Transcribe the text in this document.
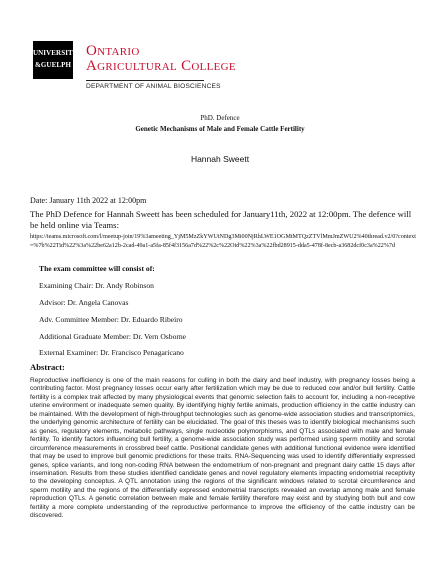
UNIVERSITY
&GUELPH
Ontario
Agricultural College
DEPARTMENT OF ANIMAL BIOSCIENCES
PhD. Defence
Genetic Mechanisms of Male and Female Cattle Fertility
Hannah Sweett
Date: January 11th 2022 at 12:00pm
The PhD Defence for Hannah Sweett has been scheduled for January11th, 2022 at 12:00pm. The defence will be held online via Teams:
https://teams.microsoft.com/l/meetup-join/19%3ameeting_YjM5MzZkYWUtNDg3Mi00NjRhLWE1OGMtMTQzZTVlMmJmZWU2%40thread.v2/0?context=%7b%22Tid%22%3a%22be62a12b-2cad-49a1-a5fa-85f4f3156a7d%22%2c%22Oid%22%3a%22fbd28915-dda5-478f-8ecb-a3682dcf0c3a%22%7d
The exam committee will consist of:
Examining Chair: Dr. Andy Robinson
Advisor: Dr. Angela Canovas
Adv. Committee Member: Dr. Eduardo Ribeiro
Additional Graduate Member: Dr. Vern Osborne
External Examiner: Dr. Francisco Penagaricano
Abstract:
Reproductive inefficiency is one of the main reasons for culling in both the dairy and beef industry, with pregnancy losses being a contributing factor. Most pregnancy losses occur early after fertilization which may be due to reduced cow and/or bull fertility. Cattle fertility is a complex trait affected by many physiological events that genomic selection fails to account for, including a non-receptive uterine environment or inadequate semen quality. By identifying highly fertile animals, production efficiency in the cattle industry can be maintained. With the development of high-throughput technologies such as genome-wide association studies and transcriptomics, the underlying genomic architecture of fertility can be elucidated. The goal of this theses was to identify biological mechanisms such as genes, regulatory elements, metabolic pathways, single nucleotide polymorphisms, and QTLs associated with male and female fertility. To identify factors influencing bull fertility, a genome-wide association study was performed using sperm motility and scrotal circumference measurements in crossbred beef cattle. Positional candidate genes with additional functional evidence were identified that may be used to improve bull genomic predictions for these traits. RNA-Sequencing was used to identify differentially expressed genes, splice variants, and long non-coding RNA between the endometrium of non-pregnant and pregnant dairy cattle 15 days after insemination. Results from these studies identified candidate genes and novel regulatory elements impacting endometrial receptivity to the developing conceptus. A QTL annotation using the regions of the significant windows related to scrotal circumference and sperm motility and the regions of the differentially expressed endometrial transcripts revealed an overlap among male and female reproduction QTLs. A genetic correlation between male and female fertility therefore may exist and by studying both bull and cow fertility a more complete understanding of the reproductive performance to improve the efficiency of the cattle industry can be discovered.
